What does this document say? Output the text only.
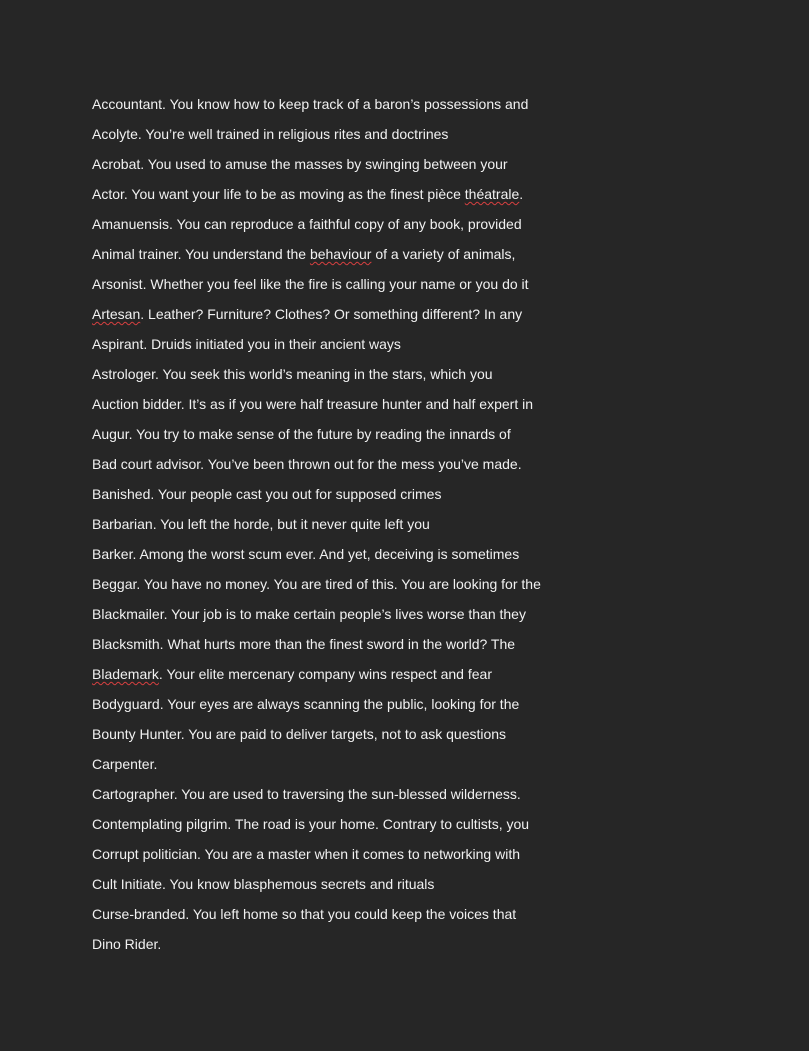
Accountant. You know how to keep track of a baron’s possessions and
Acolyte. You’re well trained in religious rites and doctrines
Acrobat. You used to amuse the masses by swinging between your
Actor. You want your life to be as moving as the finest pièce théatrale.
Amanuensis. You can reproduce a faithful copy of any book, provided
Animal trainer. You understand the behaviour of a variety of animals,
Arsonist. Whether you feel like the fire is calling your name or you do it
Artesan. Leather? Furniture? Clothes? Or something different? In any
Aspirant. Druids initiated you in their ancient ways
Astrologer. You seek this world’s meaning in the stars, which you
Auction bidder. It’s as if you were half treasure hunter and half expert in
Augur. You try to make sense of the future by reading the innards of
Bad court advisor. You’ve been thrown out for the mess you’ve made.
Banished. Your people cast you out for supposed crimes
Barbarian. You left the horde, but it never quite left you
Barker. Among the worst scum ever. And yet, deceiving is sometimes
Beggar. You have no money. You are tired of this. You are looking for the
Blackmailer. Your job is to make certain people’s lives worse than they
Blacksmith. What hurts more than the finest sword in the world? The
Blademark. Your elite mercenary company wins respect and fear
Bodyguard. Your eyes are always scanning the public, looking for the
Bounty Hunter. You are paid to deliver targets, not to ask questions
Carpenter.
Cartographer. You are used to traversing the sun-blessed wilderness.
Contemplating pilgrim. The road is your home. Contrary to cultists, you
Corrupt politician. You are a master when it comes to networking with
Cult Initiate. You know blasphemous secrets and rituals
Curse-branded. You left home so that you could keep the voices that
Dino Rider.
